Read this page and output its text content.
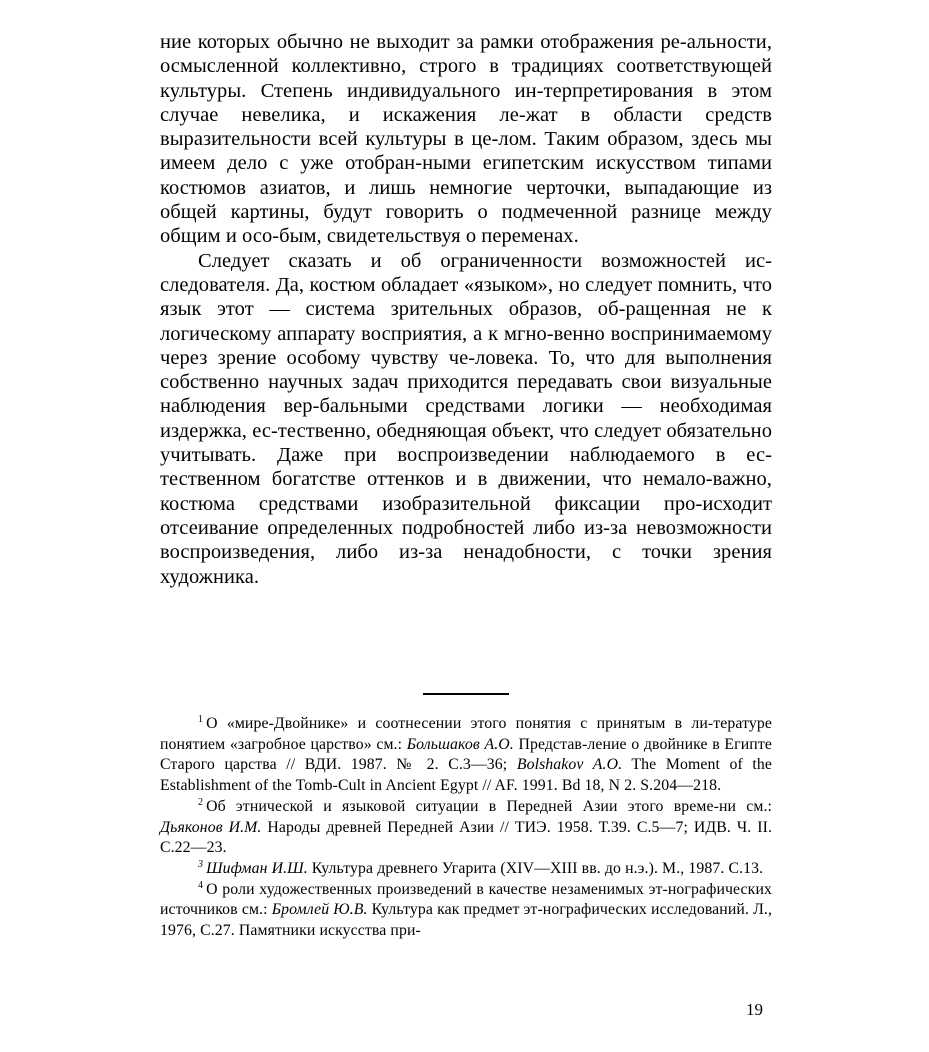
ние которых обычно не выходит за рамки отображения ре-альности, осмысленной коллективно, строго в традициях соответствующей культуры. Степень индивидуального ин-терпретирования в этом случае невелика, и искажения ле-жат в области средств выразительности всей культуры в це-лом. Таким образом, здесь мы имеем дело с уже отобран-ными египетским искусством типами костюмов азиатов, и лишь немногие черточки, выпадающие из общей картины, будут говорить о подмеченной разнице между общим и осо-бым, свидетельствуя о переменах.

Следует сказать и об ограниченности возможностей ис-следователя. Да, костюм обладает «языком», но следует помнить, что язык этот — система зрительных образов, об-ращенная не к логическому аппарату восприятия, а к мгно-венно воспринимаемому через зрение особому чувству че-ловека. То, что для выполнения собственно научных задач приходится передавать свои визуальные наблюдения вер-бальными средствами логики — необходимая издержка, ес-тественно, обедняющая объект, что следует обязательно учитывать. Даже при воспроизведении наблюдаемого в ес-тественном богатстве оттенков и в движении, что немало-важно, костюма средствами изобразительной фиксации про-исходит отсеивание определенных подробностей либо из-за невозможности воспроизведения, либо из-за ненадобности, с точки зрения художника.

$^1$ О «мире-Двойнике» и соотнесении этого понятия с принятым в ли-тературе понятием «загробное царство» см.: Большаков А.О. Представ-ление о двойнике в Египте Старого царства // ВДИ. 1987. № 2. С.3—36; Bolshakov A.O. The Moment of the Establishment of the Tomb-Cult in Ancient Egypt // AF. 1991. Bd 18, N 2. S.204—218.

$^2$ Об этнической и языковой ситуации в Передней Азии этого време-ни см.: Дьяконов И.М. Народы древней Передней Азии // ТИЭ. 1958. Т.39. С.5—7; ИДВ. Ч. II. С.22—23.

$^3$ Шифман И.Ш. Культура древнего Угарита (XIV—XIII вв. до н.э.). М., 1987. С.13.

$^4$ О роли художественных произведений в качестве незаменимых эт-нографических источников см.: Бромлей Ю.В. Культура как предмет эт-нографических исследований. Л., 1976, С.27. Памятники искусства при-

19
